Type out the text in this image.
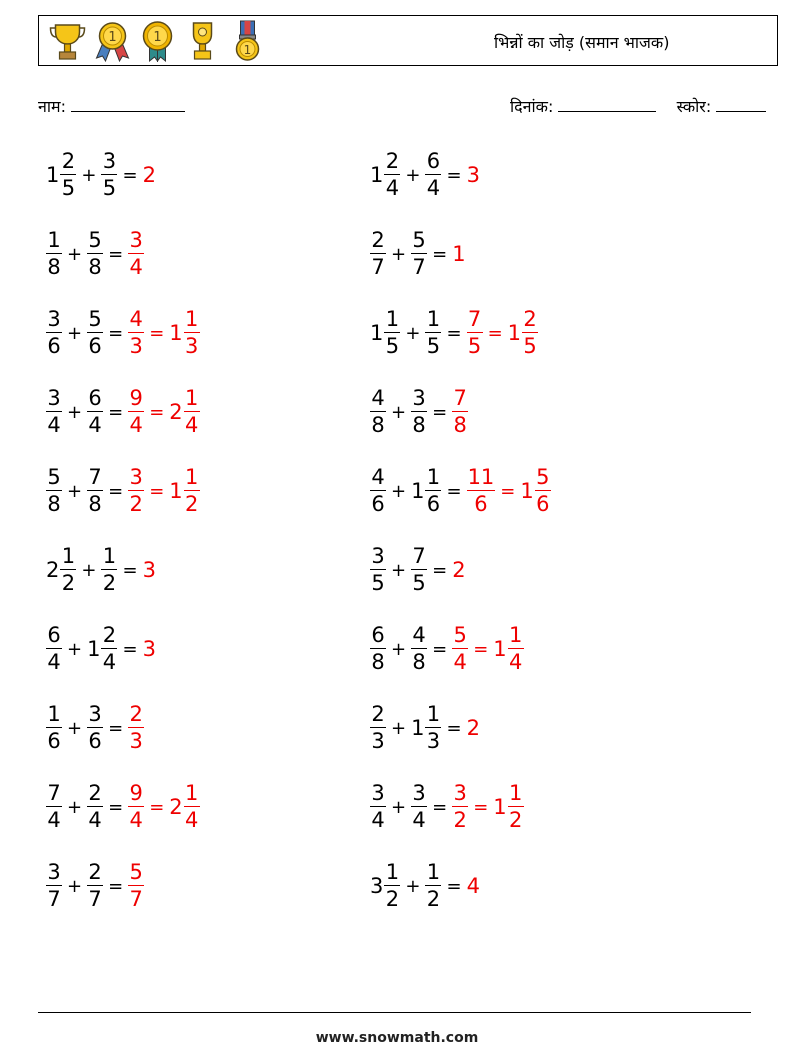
1	1
1	भिन्नों का जोड़ (समान भाजक)
नाम:	दिनांक:	स्कोर:
$1 \frac{2}{5} + \frac{3}{5} = 2$	$1 \frac{2}{4} + \frac{6}{4} = 3$
$\frac{1}{8} + \frac{5}{8} = \frac{3}{4}$	$\frac{2}{7} + \frac{5}{7} = 1$
$\frac{3}{6} + \frac{5}{6} = \frac{4}{3} = 1 \frac{1}{3}$	$1 \frac{1}{5} + \frac{1}{5} = \frac{7}{5} = 1 \frac{2}{5}$
$\frac{3}{4} + \frac{6}{4} = \frac{9}{4} = 2 \frac{1}{4}$	$\frac{4}{8} + \frac{3}{8} = \frac{7}{8}$
$\frac{5}{8} + \frac{7}{8} = \frac{3}{2} = 1 \frac{1}{2}$	$\frac{4}{6} + 1 \frac{1}{6} = \frac{11}{6} = 1 \frac{5}{6}$
$2 \frac{1}{2} + \frac{1}{2} = 3$	$\frac{3}{5} + \frac{7}{5} = 2$
$\frac{6}{4} + 1 \frac{2}{4} = 3$	$\frac{6}{8} + \frac{4}{8} = \frac{5}{4} = 1 \frac{1}{4}$
$\frac{1}{6} + \frac{3}{6} = \frac{2}{3}$	$\frac{2}{3} + 1 \frac{1}{3} = 2$
$\frac{7}{4} + \frac{2}{4} = \frac{9}{4} = 2 \frac{1}{4}$	$\frac{3}{4} + \frac{3}{4} = \frac{3}{2} = 1 \frac{1}{2}$
$\frac{3}{7} + \frac{2}{7} = \frac{5}{7}$	$3 \frac{1}{2} + \frac{1}{2} = 4$
www.snowmath.com
